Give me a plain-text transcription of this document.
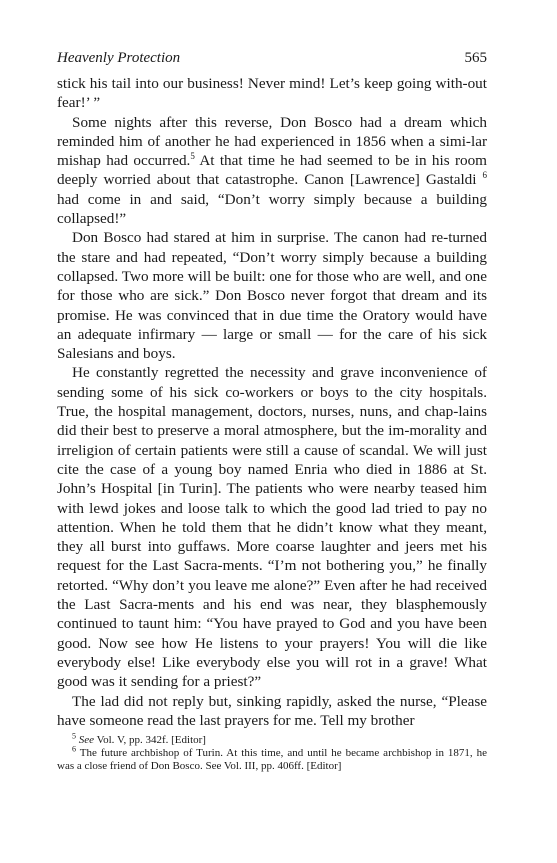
Heavenly Protection	565

stick his tail into our business! Never mind! Let’s keep going with-out fear!’ ”

Some nights after this reverse, Don Bosco had a dream which reminded him of another he had experienced in 1856 when a simi-lar mishap had occurred.$^5$ At that time he had seemed to be in his room deeply worried about that catastrophe. Canon [Lawrence] Gastaldi $^6$ had come in and said, “Don’t worry simply because a building collapsed!”

Don Bosco had stared at him in surprise. The canon had re-turned the stare and had repeated, “Don’t worry simply because a building collapsed. Two more will be built: one for those who are well, and one for those who are sick.” Don Bosco never forgot that dream and its promise. He was convinced that in due time the Oratory would have an adequate infirmary — large or small — for the care of his sick Salesians and boys.

He constantly regretted the necessity and grave inconvenience of sending some of his sick co-workers or boys to the city hospitals. True, the hospital management, doctors, nurses, nuns, and chap-lains did their best to preserve a moral atmosphere, but the im-morality and irreligion of certain patients were still a cause of scandal. We will just cite the case of a young boy named Enria who died in 1886 at St. John’s Hospital [in Turin]. The patients who were nearby teased him with lewd jokes and loose talk to which the good lad tried to pay no attention. When he told them that he didn’t know what they meant, they all burst into guffaws. More coarse laughter and jeers met his request for the Last Sacra-ments. “I’m not bothering you,” he finally retorted. “Why don’t you leave me alone?” Even after he had received the Last Sacra-ments and his end was near, they blasphemously continued to taunt him: “You have prayed to God and you have been good. Now see how He listens to your prayers! You will die like everybody else! Like everybody else you will rot in a grave! What good was it sending for a priest?”

The lad did not reply but, sinking rapidly, asked the nurse, “Please have someone read the last prayers for me. Tell my brother

$^5$ See Vol. V, pp. 342f. [Editor]

$^6$ The future archbishop of Turin. At this time, and until he became archbishop in 1871, he was a close friend of Don Bosco. See Vol. III, pp. 406ff. [Editor]
